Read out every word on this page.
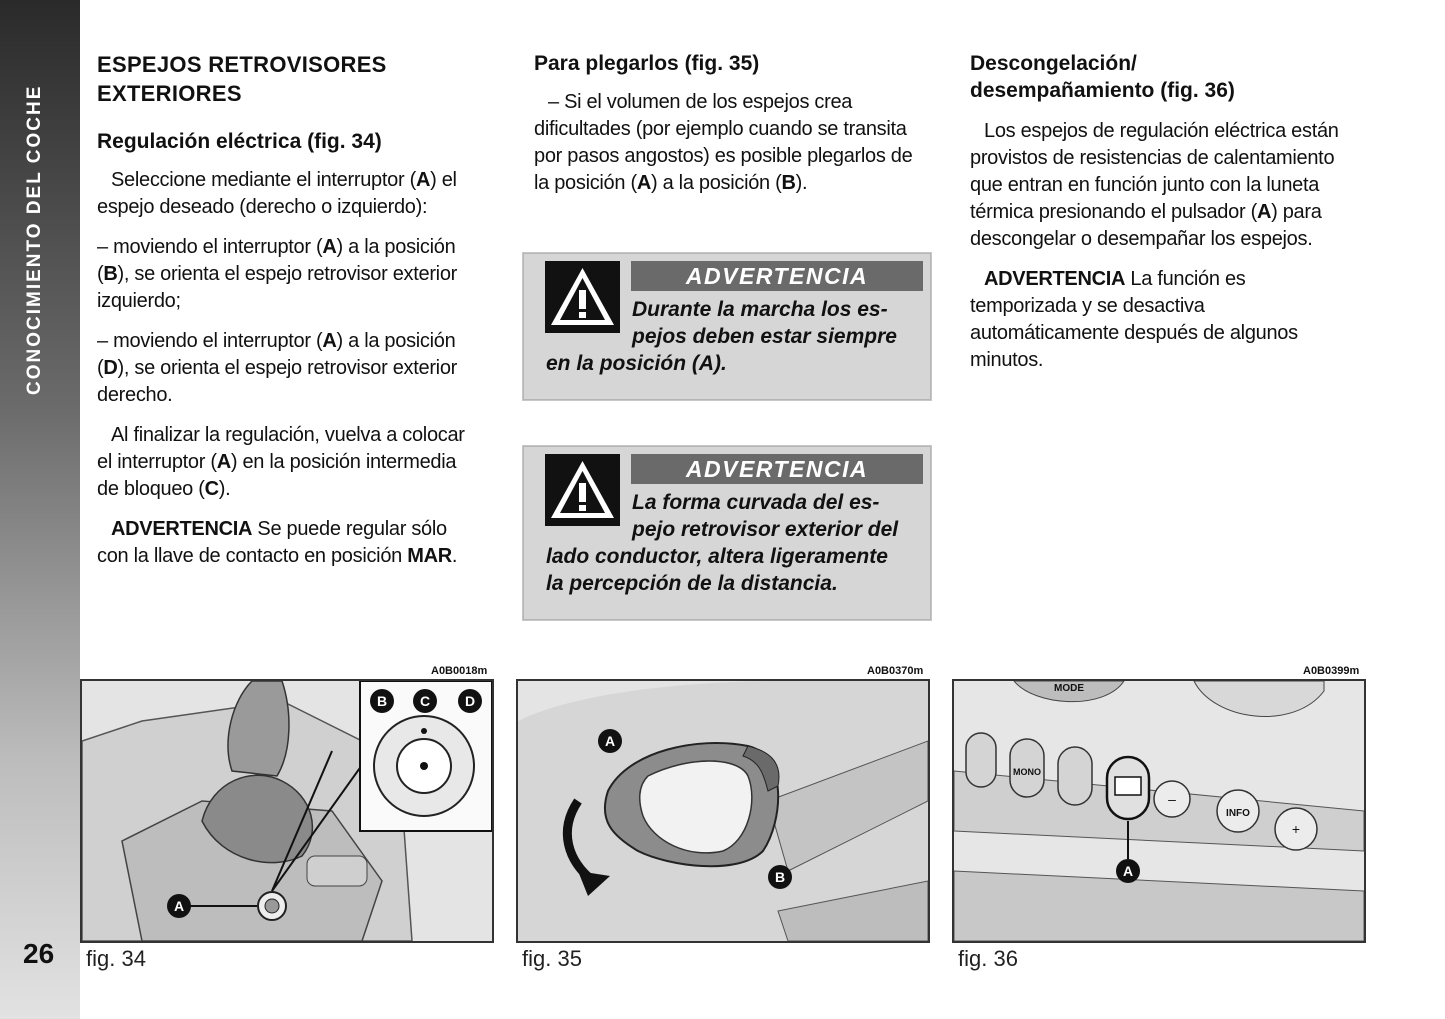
CONOCIMIENTO DEL COCHE
26
ESPEJOS RETROVISORES
EXTERIORES
Regulación eléctrica (fig. 34)

Seleccione mediante el interruptor (A) el espejo deseado (derecho o izquierdo):

– moviendo el interruptor (A) a la posición (B), se orienta el espejo retrovisor exterior izquierdo;

– moviendo el interruptor (A) a la posición (D), se orienta el espejo retrovisor exterior derecho.

Al finalizar la regulación, vuelva a colocar el interruptor (A) en la posición intermedia de bloqueo (C).

ADVERTENCIA Se puede regular sólo con la llave de contacto en posición MAR.

Para plegarlos (fig. 35)

– Si el volumen de los espejos crea dificultades (por ejemplo cuando se transita por pasos angostos) es posible plegarlos de la posición (A) a la posición (B).

ADVERTENCIA
Durante la marcha los es-
pejos deben estar siempre
en la posición (A).
ADVERTENCIA
La forma curvada del es-
pejo retrovisor exterior del
lado conductor, altera ligeramente
la percepción de la distancia.
Descongelación/
desempañamiento (fig. 36)

Los espejos de regulación eléctrica están provistos de resistencias de calentamiento que entran en función junto con la luneta térmica presionando el pulsador (A) para descongelar o desempañar los espejos.

ADVERTENCIA La función es temporizada y se desactiva automáticamente después de algunos minutos.

A0B0018m	A0B0370m	A0B0399m
B C D
A
A
B
MODE
MONO
–
INFO
+
A
fig. 34	fig. 35	fig. 36
